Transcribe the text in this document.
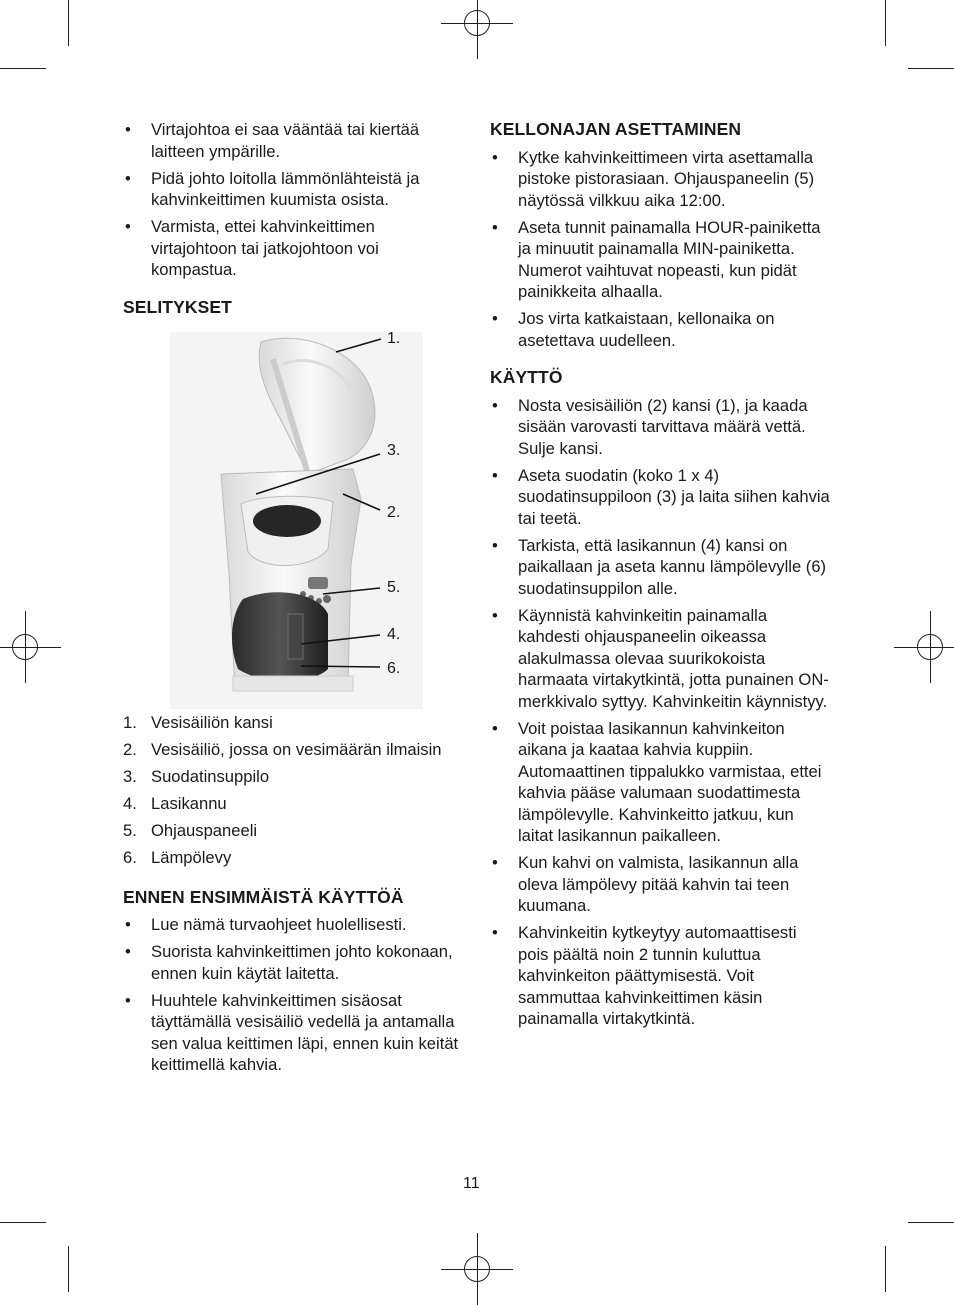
• Virtajohtoa ei saa vääntää tai kiertää laitteen ympärille.
• Pidä johto loitolla lämmönlähteistä ja kahvinkeittimen kuumista osista.
• Varmista, ettei kahvinkeittimen virtajohtoon tai jatkojohtoon voi kompastua.
SELITYKSET
1.
3.
2.
5.
4.
6.
1. Vesisäiliön kansi
2. Vesisäiliö, jossa on vesimäärän ilmaisin
3. Suodatinsuppilo
4. Lasikannu
5. Ohjauspaneeli
6. Lämpölevy
ENNEN ENSIMMÄISTÄ KÄYTTÖÄ
• Lue nämä turvaohjeet huolellisesti.
• Suorista kahvinkeittimen johto kokonaan, ennen kuin käytät laitetta.
• Huuhtele kahvinkeittimen sisäosat täyttämällä vesisäiliö vedellä ja antamalla sen valua keittimen läpi, ennen kuin keität keittimellä kahvia.
KELLONAJAN ASETTAMINEN
• Kytke kahvinkeittimeen virta asettamalla pistoke pistorasiaan. Ohjauspaneelin (5) näytössä vilkkuu aika 12:00.
• Aseta tunnit painamalla HOUR-painiketta ja minuutit painamalla MIN-painiketta. Numerot vaihtuvat nopeasti, kun pidät painikkeita alhaalla.
• Jos virta katkaistaan, kellonaika on asetettava uudelleen.
KÄYTTÖ
• Nosta vesisäiliön (2) kansi (1), ja kaada sisään varovasti tarvittava määrä vettä. Sulje kansi.
• Aseta suodatin (koko 1 x 4) suodatinsuppiloon (3) ja laita siihen kahvia tai teetä.
• Tarkista, että lasikannun (4) kansi on paikallaan ja aseta kannu lämpölevylle (6) suodatinsuppilon alle.
• Käynnistä kahvinkeitin painamalla kahdesti ohjauspaneelin oikeassa alakulmassa olevaa suurikokoista harmaata virtakytkintä, jotta punainen ON-merkkivalo syttyy. Kahvinkeitin käynnistyy.
• Voit poistaa lasikannun kahvinkeiton aikana ja kaataa kahvia kuppiin. Automaattinen tippalukko varmistaa, ettei kahvia pääse valumaan suodattimesta lämpölevylle. Kahvinkeitto jatkuu, kun laitat lasikannun paikalleen.
• Kun kahvi on valmista, lasikannun alla oleva lämpölevy pitää kahvin tai teen kuumana.
• Kahvinkeitin kytkeytyy automaattisesti pois päältä noin 2 tunnin kuluttua kahvinkeiton päättymisestä. Voit sammuttaa kahvinkeittimen käsin painamalla virtakytkintä.
11
